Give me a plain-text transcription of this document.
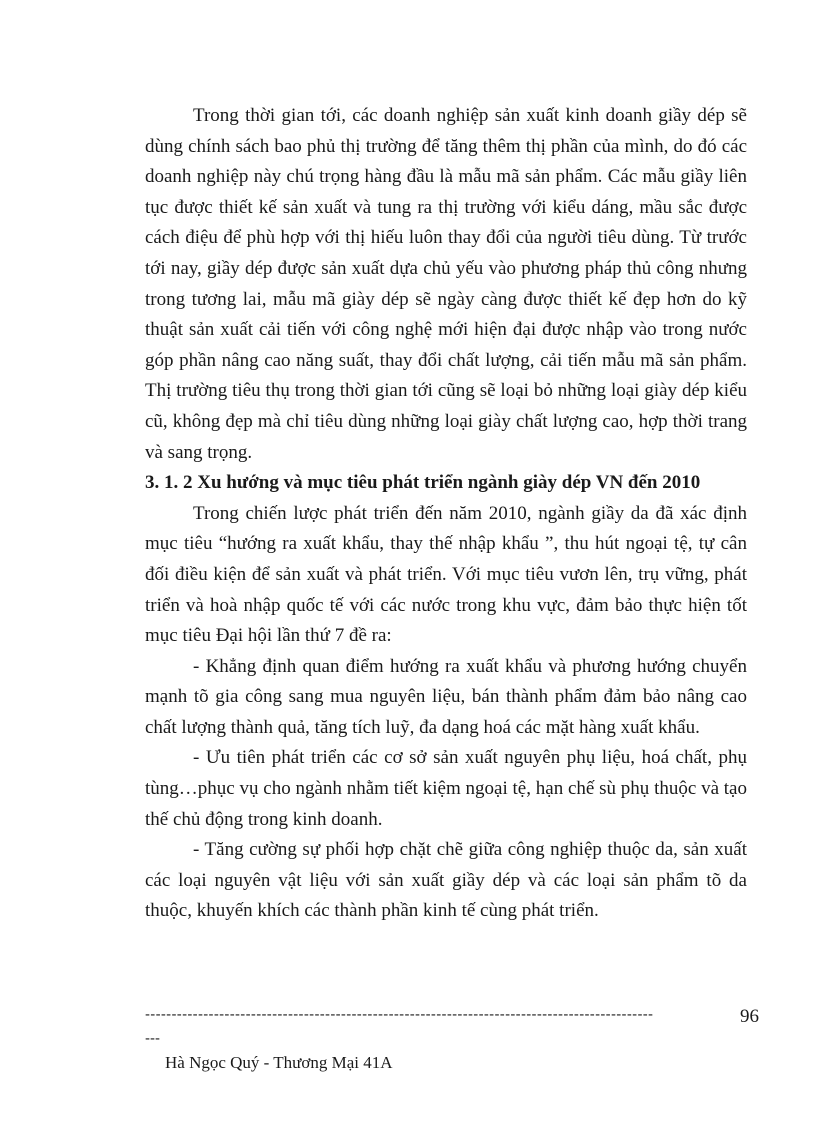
Trong thời gian tới, các doanh nghiệp sản xuất kinh doanh giầy dép sẽ dùng chính sách bao phủ thị trường để tăng thêm thị phần của mình, do đó các doanh nghiệp này chú trọng hàng đầu là mẫu mã sản phẩm. Các mẫu giầy liên tục được thiết kế sản xuất và tung ra thị trường với kiểu dáng, mầu sắc được cách điệu để phù hợp với thị hiếu luôn thay đổi của người tiêu dùng. Từ trước tới nay, giầy dép được sản xuất dựa chủ yếu vào phương pháp thủ công nhưng trong tương lai, mẫu mã giày dép sẽ ngày càng được thiết kế đẹp hơn do kỹ thuật sản xuất cải tiến với công nghệ mới hiện đại được nhập vào trong nước góp phần nâng cao năng suất, thay đổi chất lượng, cải tiến mẫu mã sản phẩm. Thị trường tiêu thụ trong thời gian tới cũng sẽ loại bỏ những loại giày dép kiểu cũ, không đẹp mà chỉ tiêu dùng những loại giày chất lượng cao, hợp thời trang và sang trọng.

3. 1. 2 Xu hướng và mục tiêu phát triển ngành giày dép VN đến 2010

Trong chiến lược phát triển đến năm 2010, ngành giầy da đã xác định mục tiêu “hướng ra xuất khẩu, thay thế nhập khẩu ”, thu hút ngoại tệ, tự cân đối điều kiện để sản xuất và phát triển. Với mục tiêu vươn lên, trụ vững, phát triển và hoà nhập quốc tế với các nước trong khu vực, đảm bảo thực hiện tốt mục tiêu Đại hội lần thứ 7 đề ra:

- Khẳng định quan điểm hướng ra xuất khẩu và phương hướng chuyển mạnh tõ gia công sang mua nguyên liệu, bán thành phẩm đảm bảo nâng cao chất lượng thành quả, tăng tích luỹ, đa dạng hoá các mặt hàng xuất khẩu.

- Ưu tiên phát triển các cơ sở sản xuất nguyên phụ liệu, hoá chất, phụ tùng…phục vụ cho ngành nhằm tiết kiệm ngoại tệ, hạn chế sù phụ thuộc và tạo thế chủ động trong kinh doanh.

- Tăng cường sự phối hợp chặt chẽ giữa công nghiệp thuộc da, sản xuất các loại nguyên vật liệu với sản xuất giầy dép và các loại sản phẩm tõ da thuộc, khuyến khích các thành phần kinh tế cùng phát triển.

------------------------------------------------------------------------------------------------
---
96
Hà Ngọc Quý - Thương Mại 41A
